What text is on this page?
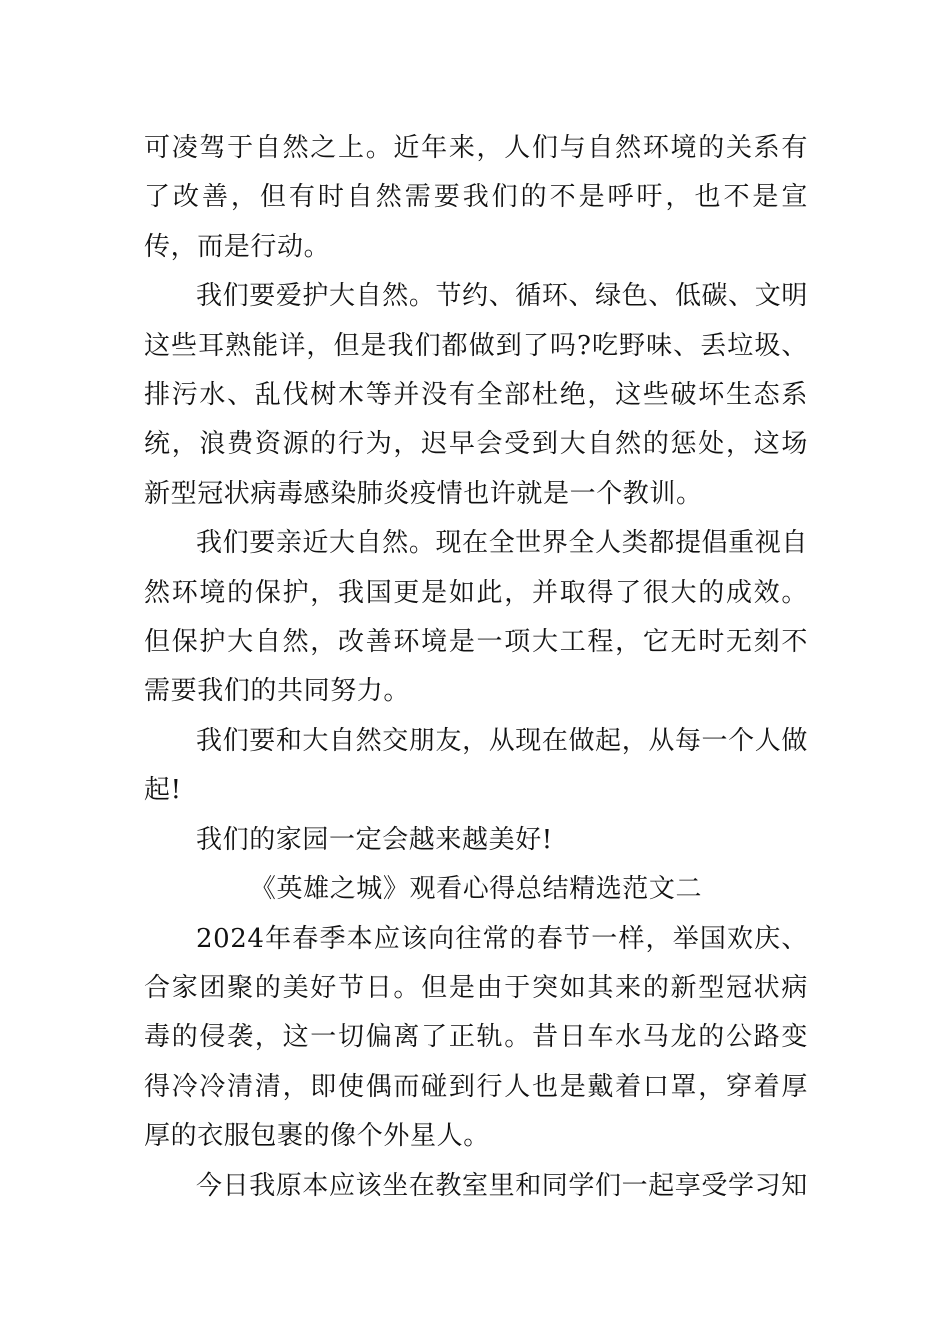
可凌驾于自然之上。近年来，人们与自然环境的关系有了改善，但有时自然需要我们的不是呼吁，也不是宣传，而是行动。

我们要爱护大自然。节约、循环、绿色、低碳、文明这些耳熟能详，但是我们都做到了吗?吃野味、丢垃圾、排污水、乱伐树木等并没有全部杜绝，这些破坏生态系统，浪费资源的行为，迟早会受到大自然的惩处，这场新型冠状病毒感染肺炎疫情也许就是一个教训。

我们要亲近大自然。现在全世界全人类都提倡重视自然环境的保护，我国更是如此，并取得了很大的成效。但保护大自然，改善环境是一项大工程，它无时无刻不需要我们的共同努力。

我们要和大自然交朋友，从现在做起，从每一个人做起!

我们的家园一定会越来越美好!

《英雄之城》观看心得总结精选范文二

2024年春季本应该向往常的春节一样，举国欢庆、合家团聚的美好节日。但是由于突如其来的新型冠状病毒的侵袭，这一切偏离了正轨。昔日车水马龙的公路变得冷冷清清，即使偶而碰到行人也是戴着口罩，穿着厚厚的衣服包裹的像个外星人。

今日我原本应该坐在教室里和同学们一起享受学习知
